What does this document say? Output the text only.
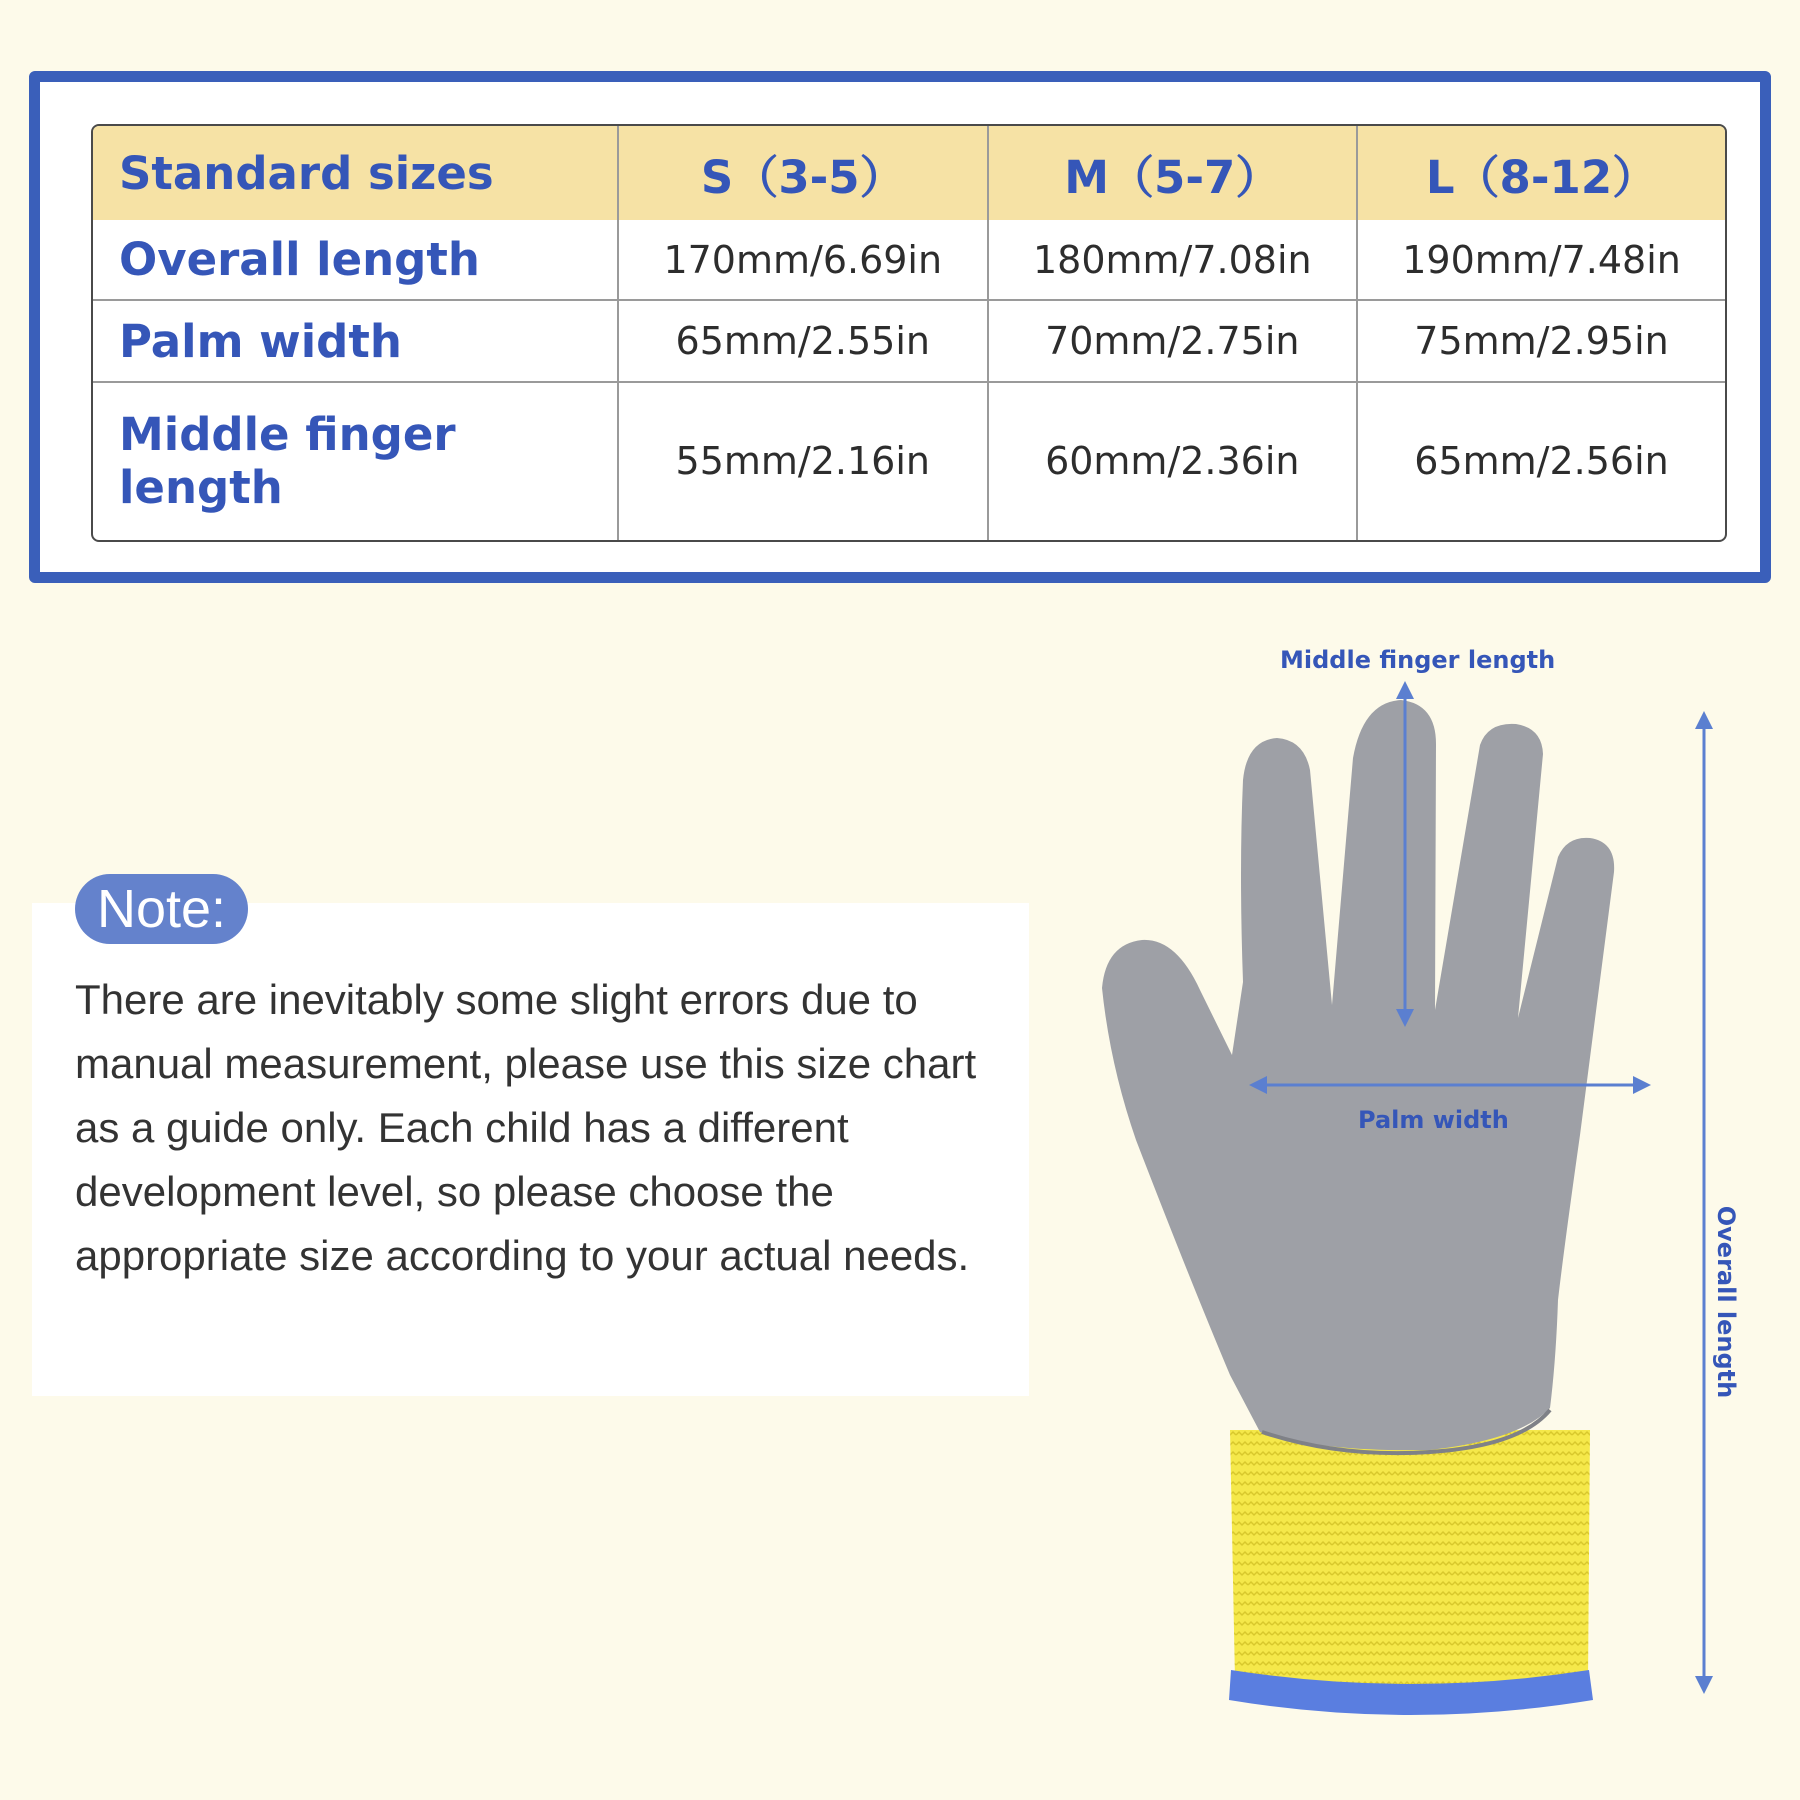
Standard sizes	S（3-5）	M（5-7）	L（8-12）
Overall length	170mm/6.69in	180mm/7.08in	190mm/7.48in
Palm width	65mm/2.55in	70mm/2.75in	75mm/2.95in
Middle finger length	55mm/2.16in	60mm/2.36in	65mm/2.56in
Note:

There are inevitably some slight errors due to manual measurement, please use this size chart as a guide only. Each child has a different development level, so please choose the appropriate size according to your actual needs.

Middle finger length
Palm width
Overall length
